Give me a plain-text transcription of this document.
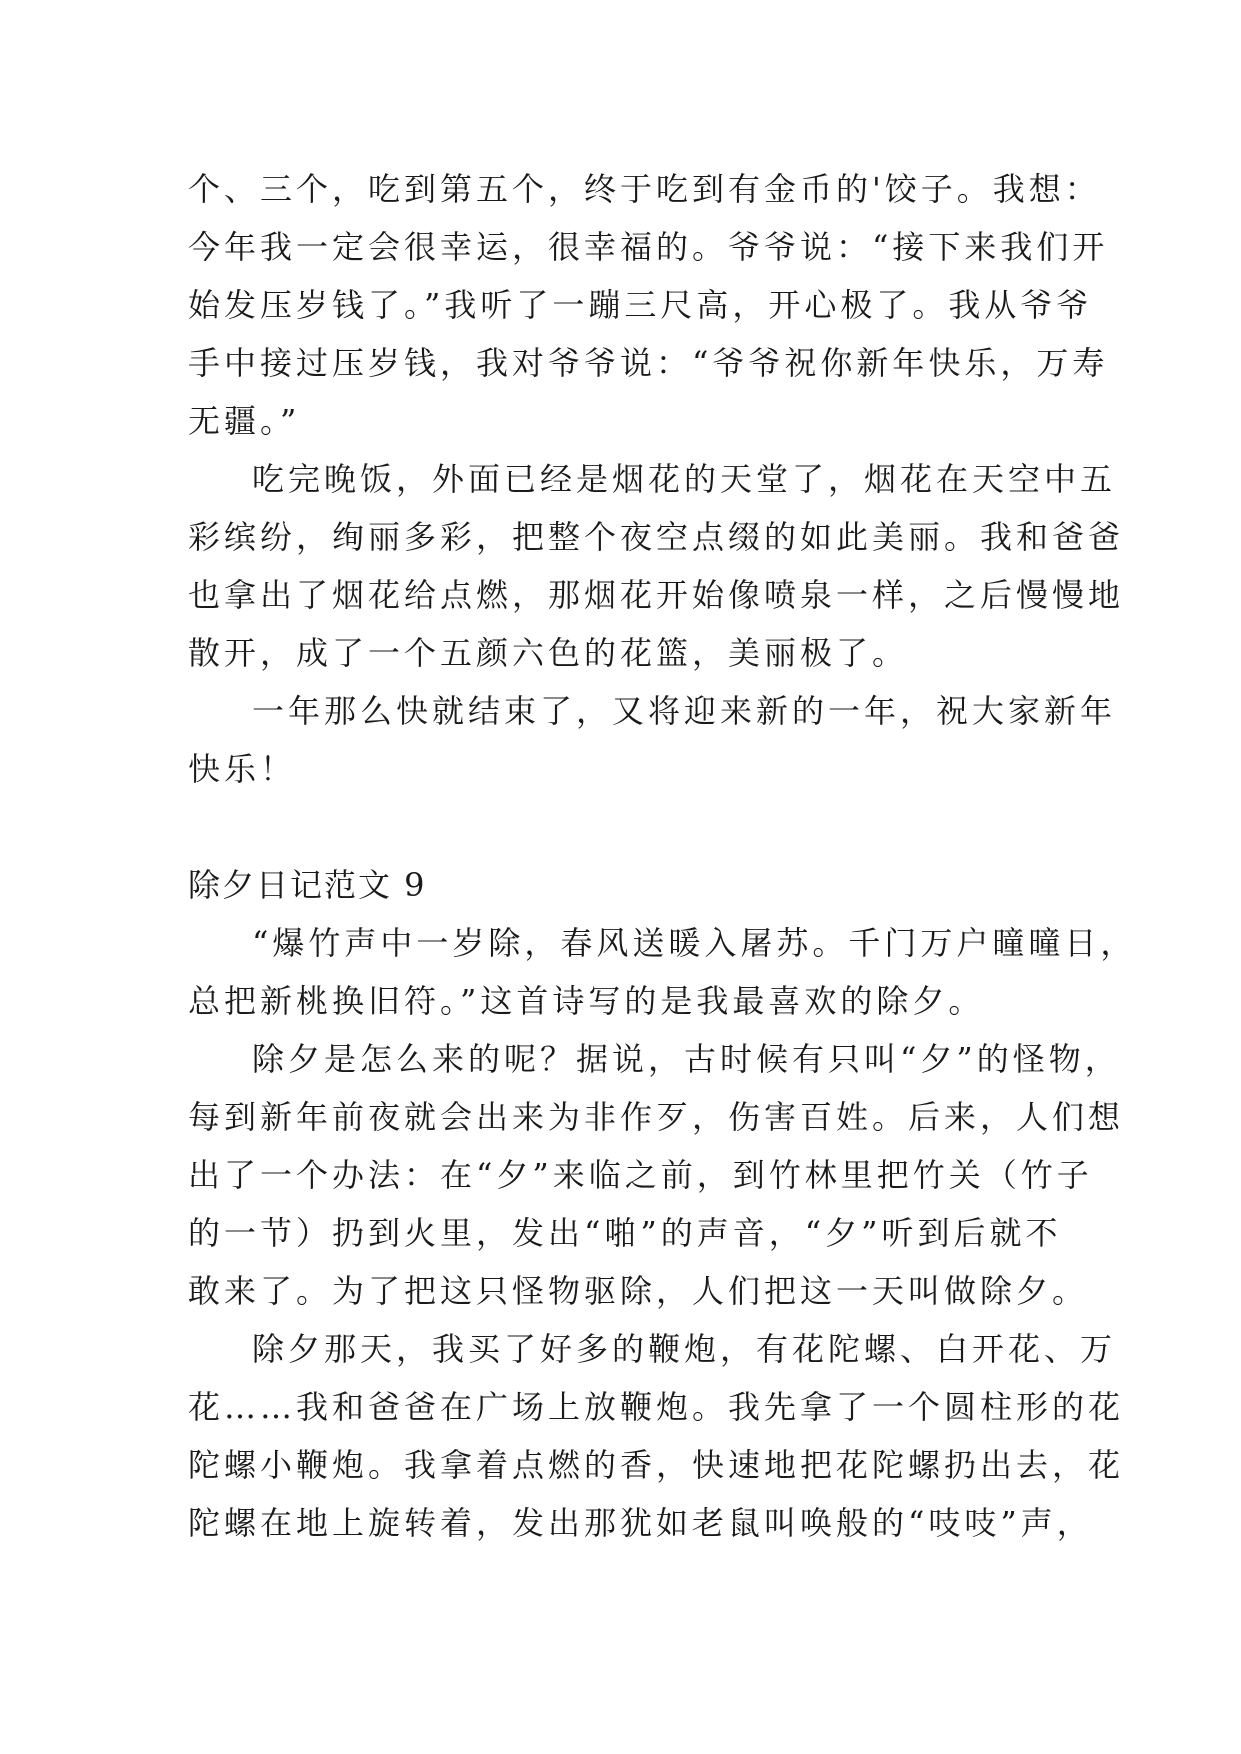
个、三个，吃到第五个，终于吃到有金币的'饺子。我想：
今年我一定会很幸运，很幸福的。爷爷说：“接下来我们开
始发压岁钱了。”我听了一蹦三尺高，开心极了。我从爷爷
手中接过压岁钱，我对爷爷说：“爷爷祝你新年快乐，万寿
无疆。”
吃完晚饭，外面已经是烟花的天堂了，烟花在天空中五
彩缤纷，绚丽多彩，把整个夜空点缀的如此美丽。我和爸爸
也拿出了烟花给点燃，那烟花开始像喷泉一样，之后慢慢地
散开，成了一个五颜六色的花篮，美丽极了。
一年那么快就结束了，又将迎来新的一年，祝大家新年
快乐！
除夕日记范文 9
“爆竹声中一岁除，春风送暖入屠苏。千门万户曈曈日，
总把新桃换旧符。”这首诗写的是我最喜欢的除夕。
除夕是怎么来的呢？据说，古时候有只叫“夕”的怪物，
每到新年前夜就会出来为非作歹，伤害百姓。后来，人们想
出了一个办法：在“夕”来临之前，到竹林里把竹关（竹子
的一节）扔到火里，发出“啪”的声音，“夕”听到后就不
敢来了。为了把这只怪物驱除，人们把这一天叫做除夕。
除夕那天，我买了好多的鞭炮，有花陀螺、白开花、万
花……我和爸爸在广场上放鞭炮。我先拿了一个圆柱形的花
陀螺小鞭炮。我拿着点燃的香，快速地把花陀螺扔出去，花
陀螺在地上旋转着，发出那犹如老鼠叫唤般的“吱吱”声，
